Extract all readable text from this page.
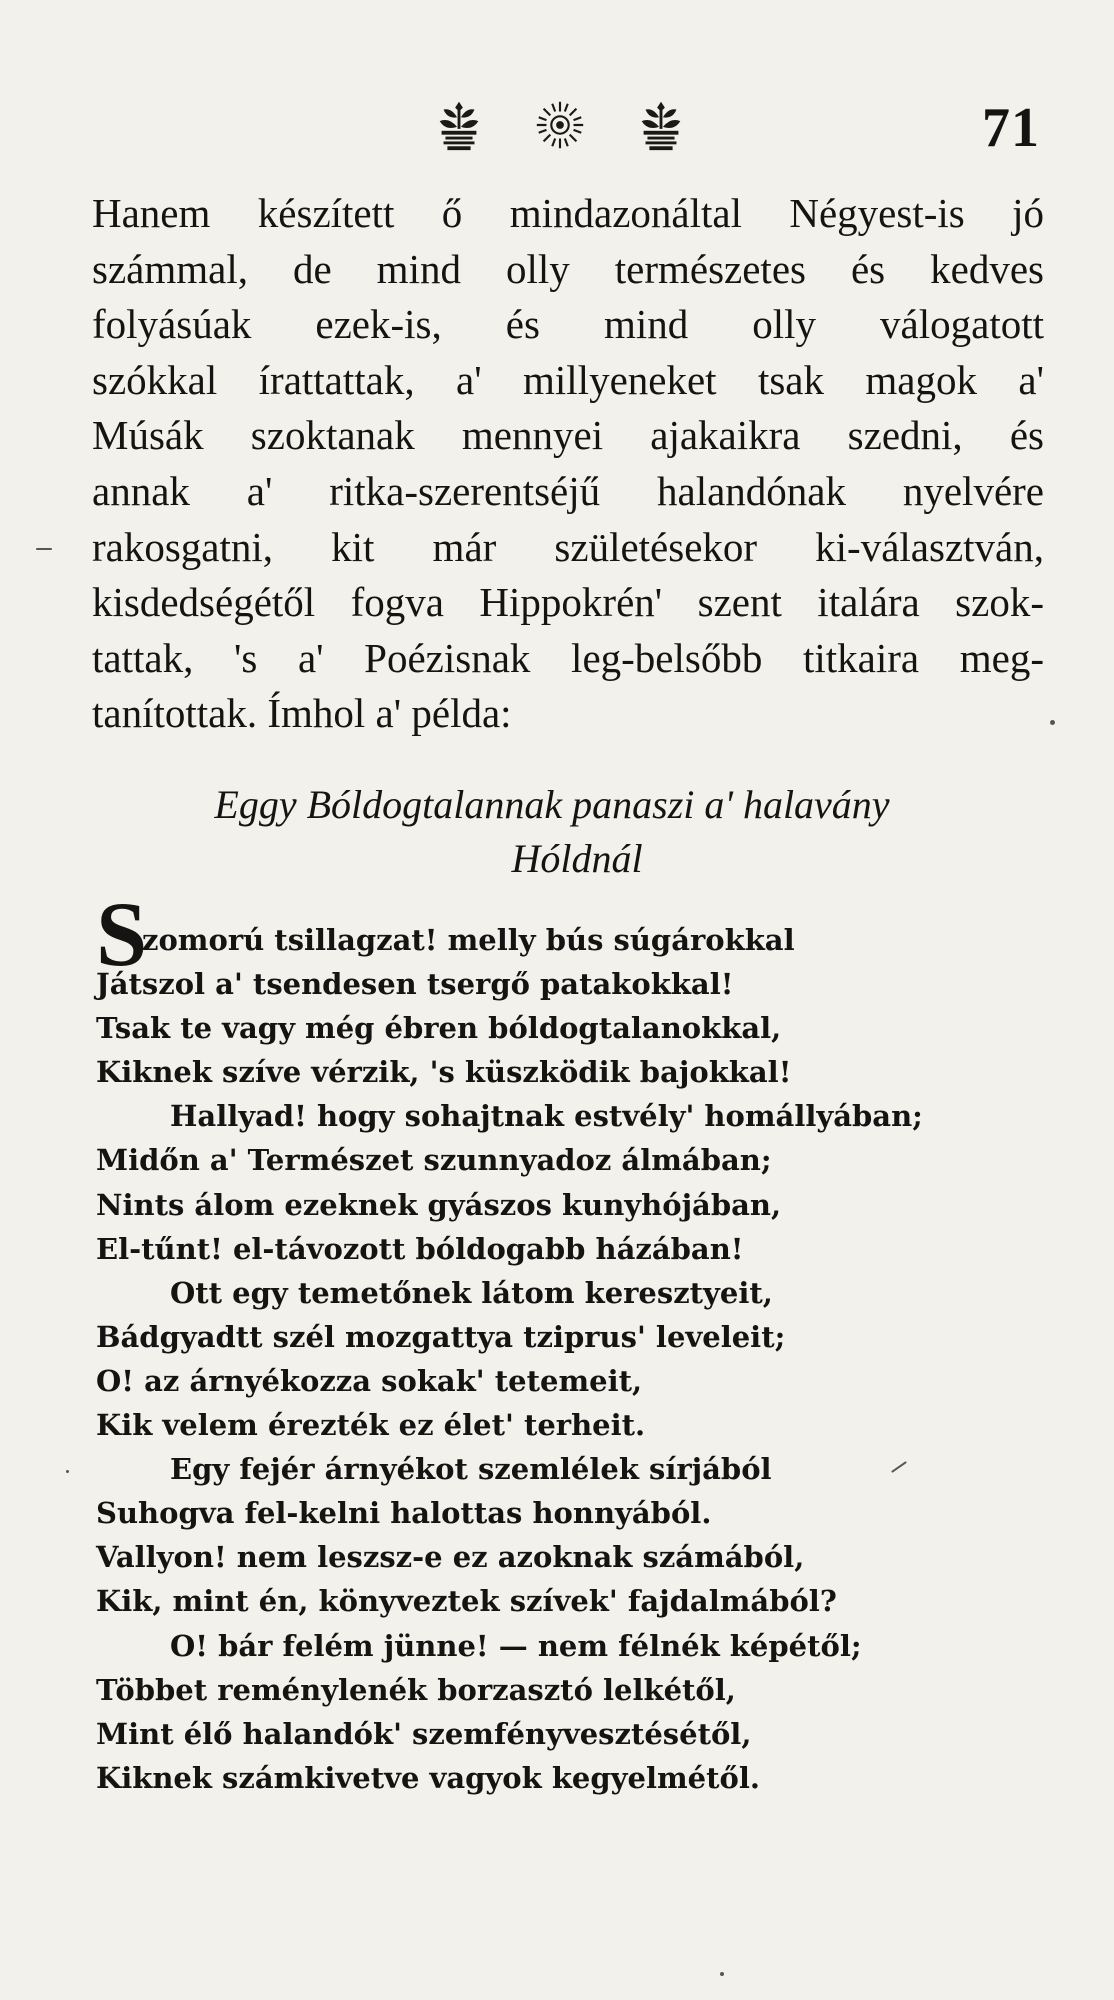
71
Hanem készített ő mindazonáltal Négyest-is jó
számmal, de mind olly természetes és kedves
folyásúak ezek-is, és mind olly válogatott
szókkal írattattak, a' millyeneket tsak magok a'
Músák szoktanak mennyei ajakaikra szedni, és
annak a' ritka-szerentséjű halandónak nyelvére
rakosgatni, kit már születésekor ki-választván,
kisdedségétől fogva Hippokrén' szent italára szok-
tattak, 's a' Poézisnak leg-belsőbb titkaira meg-
tanítottak. Ímhol a' példa:
Eggy Bóldogtalannak panaszi a' halavány
Hóldnál
S
zomorú tsillagzat! melly bús súgárokkal
Játszol a' tsendesen tsergő patakokkal!
Tsak te vagy még ébren bóldogtalanokkal,
Kiknek szíve vérzik, 's küszködik bajokkal!
Hallyad! hogy sohajtnak estvély' homállyában;
Midőn a' Természet szunnyadoz álmában;
Nints álom ezeknek gyászos kunyhójában,
El-tűnt! el-távozott bóldogabb házában!
Ott egy temetőnek látom keresztyeit,
Bádgyadtt szél mozgattya tziprus' leveleit;
O! az árnyékozza sokak' tetemeit,
Kik velem érezték ez élet' terheit.
Egy fejér árnyékot szemlélek sírjából
Suhogva fel-kelni halottas honnyából.
Vallyon! nem leszsz-e ez azoknak számából,
Kik, mint én, könyveztek szívek' fajdalmából?
O! bár felém jünne! — nem félnék képétől;
Többet reménylenék borzasztó lelkétől,
Mint élő halandók' szemfényvesztésétől,
Kiknek számkivetve vagyok kegyelmétől.
